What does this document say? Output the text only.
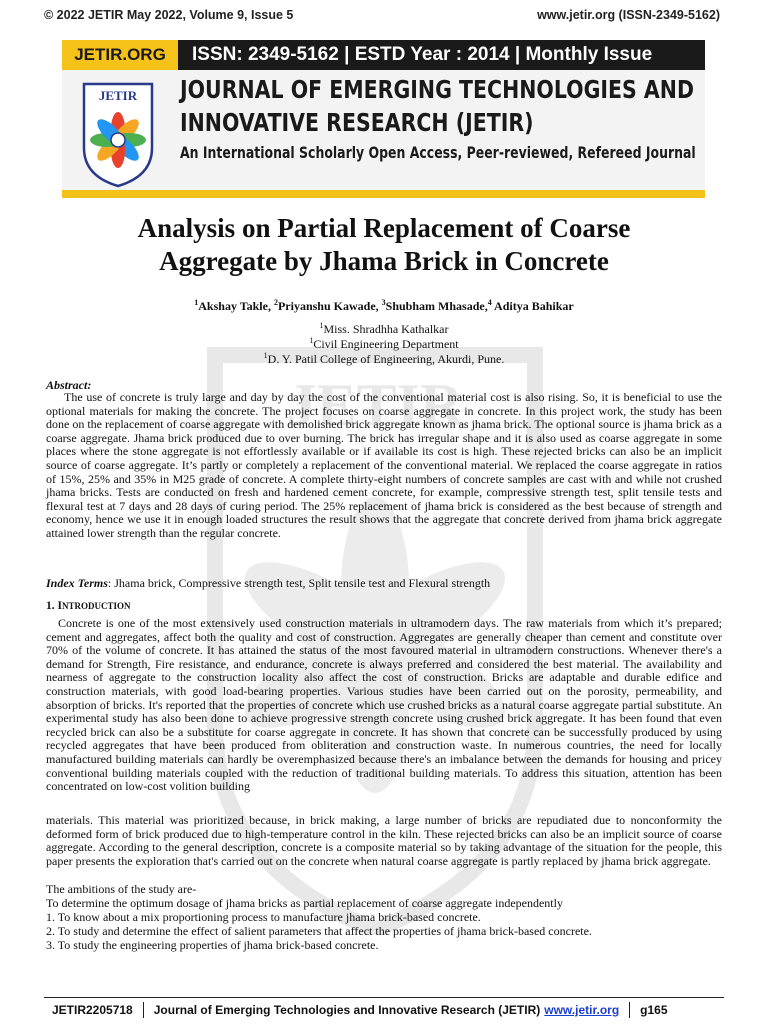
© 2022 JETIR May 2022, Volume 9, Issue 5	www.jetir.org (ISSN-2349-5162)
JETIR.ORG	ISSN: 2349-5162 | ESTD Year : 2014 | Monthly Issue
JETIR JOURNAL OF EMERGING TECHNOLOGIES AND
INNOVATIVE RESEARCH (JETIR)
An International Scholarly Open Access, Peer-reviewed, Refereed Journal
JETIR
Analysis on Partial Replacement of Coarse
Aggregate by Jhama Brick in Concrete
$^1$Akshay Takle, $^2$Priyanshu Kawade, $^3$Shubham Mhasade,$^4$ Aditya Bahikar
$^1$Miss. Shradhha Kathalkar
$^1$Civil Engineering Department
$^1$D. Y. Patil College of Engineering, Akurdi, Pune.
Abstract:
The use of concrete is truly large and day by day the cost of the conventional material cost is also rising. So, it is beneficial to use the optional materials for making the concrete. The project focuses on coarse aggregate in concrete. In this project work, the study has been done on the replacement of coarse aggregate with demolished brick aggregate known as jhama brick. The optional source is jhama brick as a coarse aggregate. Jhama brick produced due to over burning. The brick has irregular shape and it is also used as coarse aggregate in some places where the stone aggregate is not effortlessly available or if available its cost is high. These rejected bricks can also be an implicit source of coarse aggregate. It’s partly or completely a replacement of the conventional material. We replaced the coarse aggregate in ratios of 15%, 25% and 35% in M25 grade of concrete. A complete thirty-eight numbers of concrete samples are cast with and while not crushed jhama bricks. Tests are conducted on fresh and hardened cement concrete, for example, compressive strength test, split tensile tests and flexural test at 7 days and 28 days of curing period. The 25% replacement of jhama brick is considered as the best because of strength and economy, hence we use it in enough loaded structures the result shows that the aggregate that concrete derived from jhama brick aggregate attained lower strength than the regular concrete.
Index Terms: Jhama brick, Compressive strength test, Split tensile test and Flexural strength
1. INTRODUCTION
Concrete is one of the most extensively used construction materials in ultramodern days. The raw materials from which it’s prepared; cement and aggregates, affect both the quality and cost of construction. Aggregates are generally cheaper than cement and constitute over 70% of the volume of concrete. It has attained the status of the most favoured material in ultramodern constructions. Whenever there's a demand for Strength, Fire resistance, and endurance, concrete is always preferred and considered the best material. The availability and nearness of aggregate to the construction locality also affect the cost of construction. Bricks are adaptable and durable edifice and construction materials, with good load-bearing properties. Various studies have been carried out on the porosity, permeability, and absorption of bricks. It's reported that the properties of concrete which use crushed bricks as a natural coarse aggregate partial substitute. An experimental study has also been done to achieve progressive strength concrete using crushed brick aggregate. It has been found that even recycled brick can also be a substitute for coarse aggregate in concrete. It has shown that concrete can be successfully produced by using recycled aggregates that have been produced from obliteration and construction waste. In numerous countries, the need for locally manufactured building materials can hardly be overemphasized because there's an imbalance between the demands for housing and pricey conventional building materials coupled with the reduction of traditional building materials. To address this situation, attention has been concentrated on low-cost volition building
materials. This material was prioritized because, in brick making, a large number of bricks are repudiated due to nonconformity the deformed form of brick produced due to high-temperature control in the kiln. These rejected bricks can also be an implicit source of coarse aggregate. According to the general description, concrete is a composite material so by taking advantage of the situation for the people, this paper presents the exploration that's carried out on the concrete when natural coarse aggregate is partly replaced by jhama brick aggregate.
The ambitions of the study are-
To determine the optimum dosage of jhama bricks as partial replacement of coarse aggregate independently
1. To know about a mix proportioning process to manufacture jhama brick-based concrete.
2. To study and determine the effect of salient parameters that affect the properties of jhama brick-based concrete.
3. To study the engineering properties of jhama brick-based concrete.
JETIR2205718 Journal of Emerging Technologies and Innovative Research (JETIR) www.jetir.org g165
